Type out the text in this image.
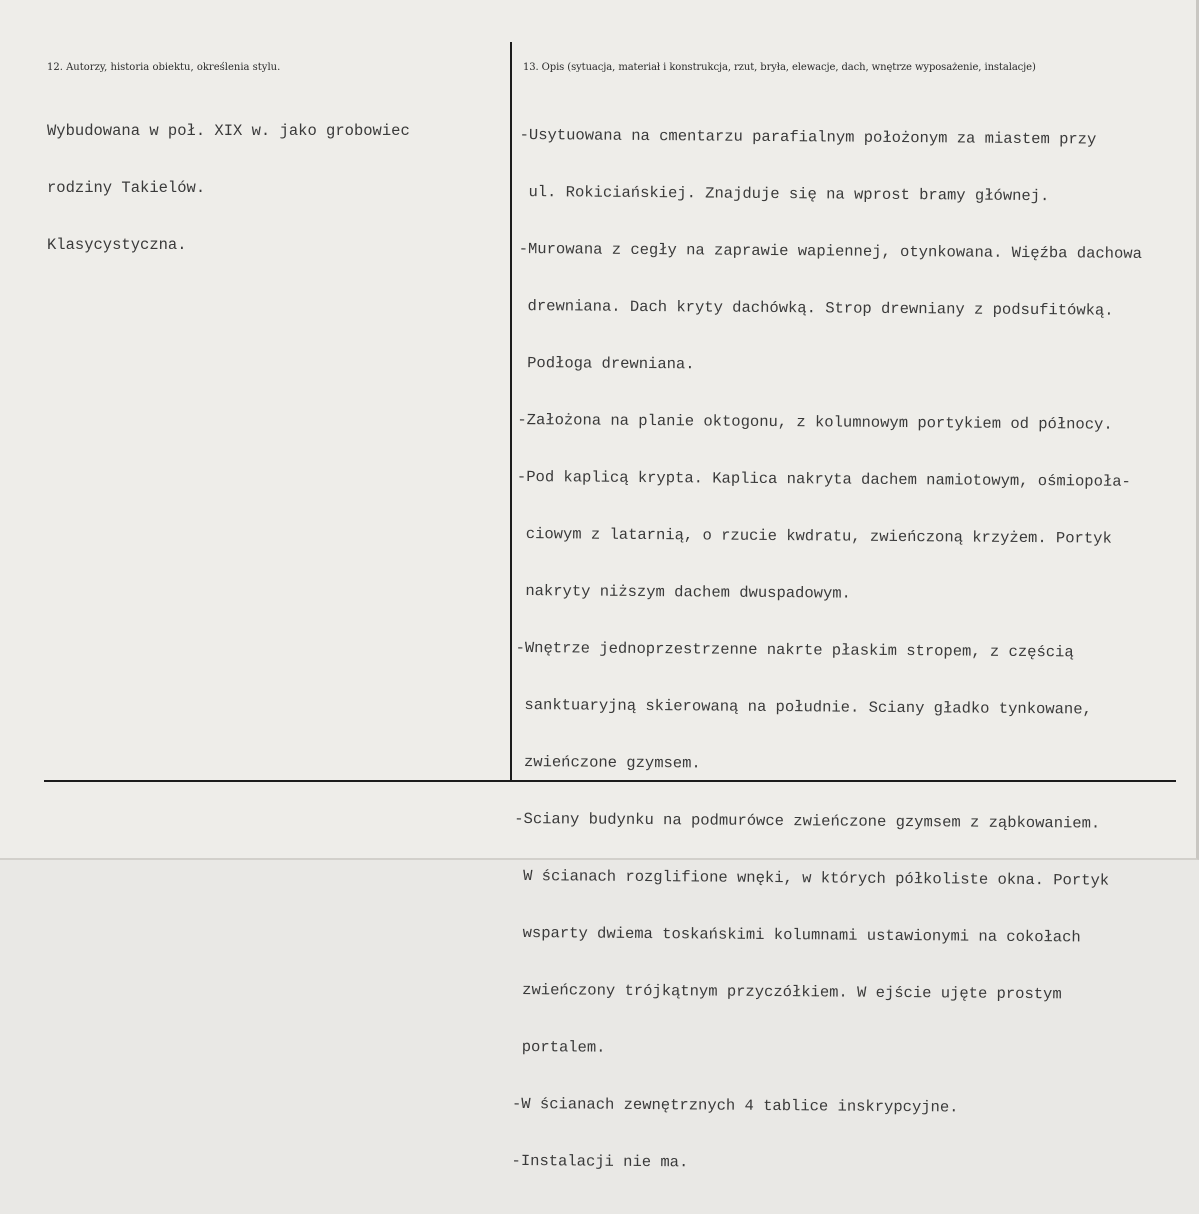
12. Autorzy, historia obiektu, określenia stylu.	13. Opis (sytuacja, materiał i konstrukcja, rzut, bryła, elewacje, dach, wnętrze wyposażenie, instalacje)

Wybudowana w poł. XIX w. jako grobowiec

rodziny Takielów.

Klasycystyczna.

-Usytuowana na cmentarzu parafialnym położonym za miastem przy

ul. Rokiciańskiej. Znajduje się na wprost bramy głównej.

-Murowana z cegły na zaprawie wapiennej, otynkowana. Więźba dachowa

drewniana. Dach kryty dachówką. Strop drewniany z podsufitówką.

Podłoga drewniana.

-Założona na planie oktogonu, z kolumnowym portykiem od północy.

-Pod kaplicą krypta. Kaplica nakryta dachem namiotowym, ośmiopoła-

ciowym z latarnią, o rzucie kwdratu, zwieńczoną krzyżem. Portyk

nakryty niższym dachem dwuspadowym.

-Wnętrze jednoprzestrzenne nakrte płaskim stropem, z częścią

sanktuaryjną skierowaną na południe. Sciany gładko tynkowane,

zwieńczone gzymsem.

-Sciany budynku na podmurówce zwieńczone gzymsem z ząbkowaniem.

W ścianach rozglifione wnęki, w których półkoliste okna. Portyk

wsparty dwiema toskańskimi kolumnami ustawionymi na cokołach

zwieńczony trójkątnym przyczółkiem. W ejście ujęte prostym

portalem.

-W ścianach zewnętrznych 4 tablice inskrypcyjne.

-Instalacji nie ma.
